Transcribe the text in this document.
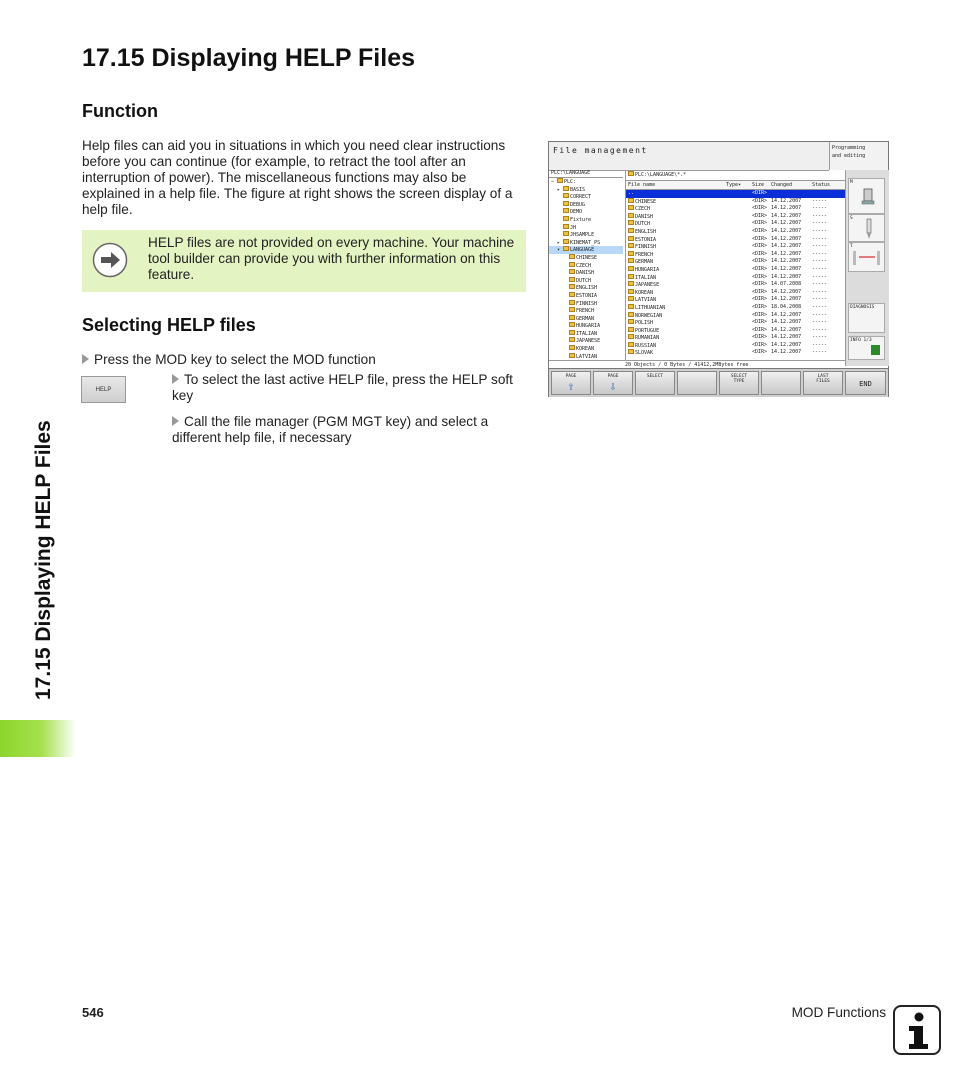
17.15 Displaying HELP Files
17.15 Displaying HELP Files
Function
Help files can aid you in situations in which you need clear instructions before you can continue (for example, to retract the tool after an interruption of power). The miscellaneous functions may also be explained in a help file. The figure at right shows the screen display of a help file.
HELP files are not provided on every machine. Your machine tool builder can provide you with further information on this feature.
Selecting HELP files
Press the MOD key to select the MOD function
HELP
To select the last active HELP file, press the HELP soft key
Call the file manager (PGM MGT key) and select a different help file, if necessary
File management	Programming
and editing
PLC:\LANGUAGE
− PLC:
▸ BASIS
CORRECT
DEBUG
DEMO
Fixture
JH
JHSAMPLE
▸ KINEMAT_PS
▾ LANGUAGE
CHINESE
CZECH
DANISH
DUTCH
ENGLISH
ESTONIA
FINNISH
FRENCH
GERMAN
HUNGARIA
ITALIAN
JAPANESE
KOREAN
LATVIAN
PLC:\LANGUAGE\*.*
File name	Type▾ Size Changed	Status
..	<DIR>
CHINESE	<DIR> 14.12.2007 -----
CZECH	<DIR> 14.12.2007 -----
DANISH	<DIR> 14.12.2007 -----
DUTCH	<DIR> 14.12.2007 -----
ENGLISH	<DIR> 14.12.2007 -----
ESTONIA	<DIR> 14.12.2007 -----
FINNISH	<DIR> 14.12.2007 -----
FRENCH	<DIR> 14.12.2007 -----
GERMAN	<DIR> 14.12.2007 -----
HUNGARIA	<DIR> 14.12.2007 -----
ITALIAN	<DIR> 14.12.2007 -----
JAPANESE	<DIR> 14.07.2008 -----
KOREAN	<DIR> 14.12.2007 -----
LATVIAN	<DIR> 14.12.2007 -----
LITHUANIAN	<DIR> 18.04.2008 -----
NORWEGIAN	<DIR> 14.12.2007 -----
POLISH	<DIR> 14.12.2007 -----
PORTUGUE	<DIR> 14.12.2007 -----
RUMANIAN	<DIR> 14.12.2007 -----
RUSSIAN	<DIR> 14.12.2007 -----
SLOVAK	<DIR> 14.12.2007 -----
M
S
T
DIAGNOSIS
INFO 1/3
20 Objects / 0 Bytes / 41412,2MBytes free
PAGE
⇧
PAGE
⇩
SELECT	SELECT
TYPE
LAST
FILES	END
546	MOD Functions
